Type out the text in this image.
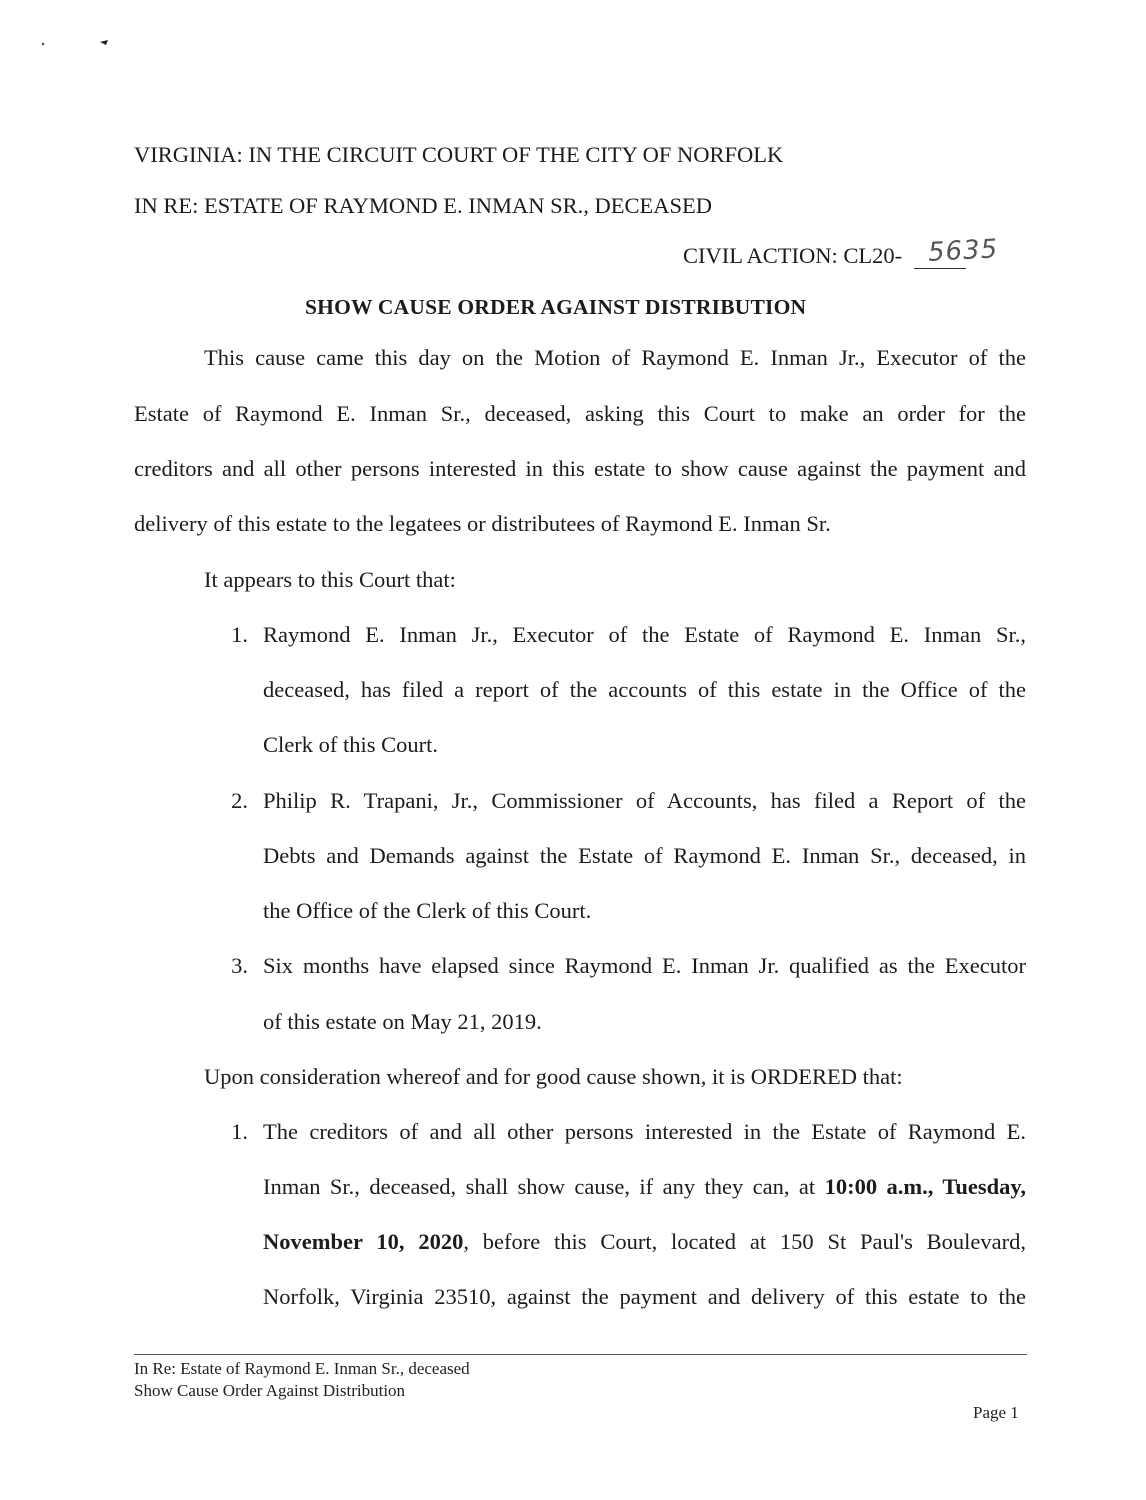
VIRGINIA: IN THE CIRCUIT COURT OF THE CITY OF NORFOLK
IN RE: ESTATE OF RAYMOND E. INMAN SR., DECEASED
CIVIL ACTION: CL20- 5635
SHOW CAUSE ORDER AGAINST DISTRIBUTION
This cause came this day on the Motion of Raymond E. Inman Jr., Executor of the
Estate of Raymond E. Inman Sr., deceased, asking this Court to make an order for the
creditors and all other persons interested in this estate to show cause against the payment and
delivery of this estate to the legatees or distributees of Raymond E. Inman Sr.
It appears to this Court that:
1. Raymond E. Inman Jr., Executor of the Estate of Raymond E. Inman Sr.,
deceased, has filed a report of the accounts of this estate in the Office of the
Clerk of this Court.
2. Philip R. Trapani, Jr., Commissioner of Accounts, has filed a Report of the
Debts and Demands against the Estate of Raymond E. Inman Sr., deceased, in
the Office of the Clerk of this Court.
3. Six months have elapsed since Raymond E. Inman Jr. qualified as the Executor
of this estate on May 21, 2019.
Upon consideration whereof and for good cause shown, it is ORDERED that:
1. The creditors of and all other persons interested in the Estate of Raymond E.
Inman Sr., deceased, shall show cause, if any they can, at 10:00 a.m., Tuesday,
November 10, 2020, before this Court, located at 150 St Paul's Boulevard,
Norfolk, Virginia 23510, against the payment and delivery of this estate to the
In Re: Estate of Raymond E. Inman Sr., deceased
Show Cause Order Against Distribution
Page 1
